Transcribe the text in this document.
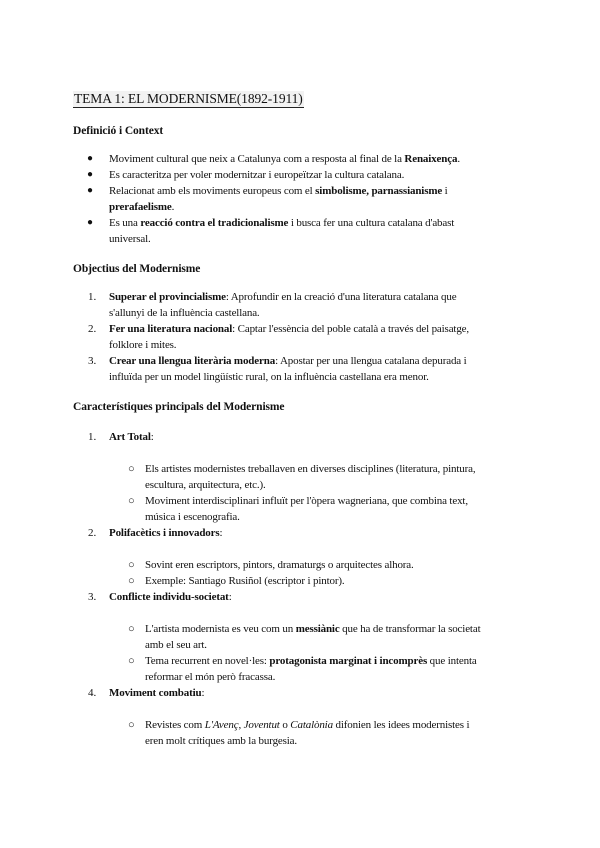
TEMA 1: EL MODERNISME(1892-1911)
Definició i Context
● Moviment cultural que neix a Catalunya com a resposta al final de la Renaixença.
● Es caracteritza per voler modernitzar i europeïtzar la cultura catalana.
● Relacionat amb els moviments europeus com el simbolisme, parnassianisme i
prerafaelisme.
● Es una reacció contra el tradicionalisme i busca fer una cultura catalana d'abast
universal.
Objectius del Modernisme
1. Superar el provincialisme: Aprofundir en la creació d'una literatura catalana que
s'allunyi de la influència castellana.
2. Fer una literatura nacional: Captar l'essència del poble català a través del paisatge,
folklore i mites.
3. Crear una llengua literària moderna: Apostar per una llengua catalana depurada i
influïda per un model lingüístic rural, on la influència castellana era menor.
Característiques principals del Modernisme
1. Art Total:
○ Els artistes modernistes treballaven en diverses disciplines (literatura, pintura,
escultura, arquitectura, etc.).
○ Moviment interdisciplinari influït per l'òpera wagneriana, que combina text,
música i escenografia.
2. Polifacètics i innovadors:
○ Sovint eren escriptors, pintors, dramaturgs o arquitectes alhora.
○ Exemple: Santiago Rusiñol (escriptor i pintor).
3. Conflicte individu-societat:
○ L'artista modernista es veu com un messiànic que ha de transformar la societat
amb el seu art.
○ Tema recurrent en novel·les: protagonista marginat i incomprès que intenta
reformar el món però fracassa.
4. Moviment combatiu:
○ Revistes com L'Avenç, Joventut o Catalònia difonien les idees modernistes i
eren molt crítiques amb la burgesia.
